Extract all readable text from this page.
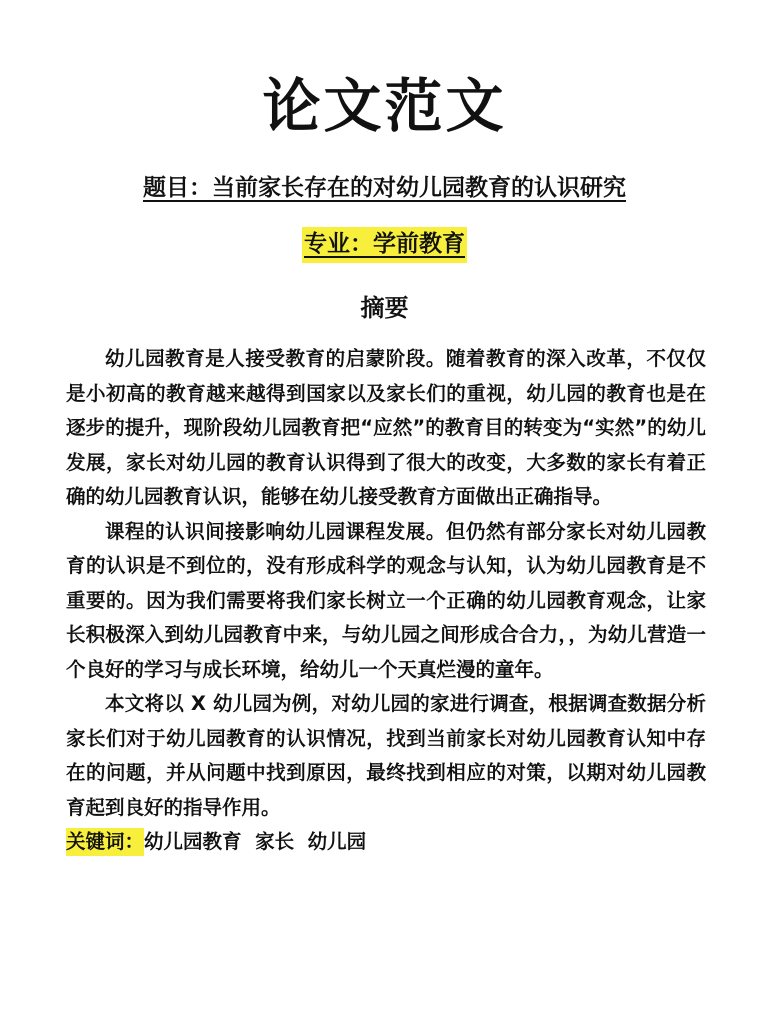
论文范文
题目：当前家长存在的对幼儿园教育的认识研究
专业：学前教育
摘要

幼儿园教育是人接受教育的启蒙阶段。随着教育的深入改革，不仅仅是小初高的教育越来越得到国家以及家长们的重视，幼儿园的教育也是在逐步的提升，现阶段幼儿园教育把“应然”的教育目的转变为“实然”的幼儿发展，家长对幼儿园的教育认识得到了很大的改变，大多数的家长有着正确的幼儿园教育认识，能够在幼儿接受教育方面做出正确指导。

课程的认识间接影响幼儿园课程发展。但仍然有部分家长对幼儿园教育的认识是不到位的，没有形成科学的观念与认知，认为幼儿园教育是不重要的。因为我们需要将我们家长树立一个正确的幼儿园教育观念，让家长积极深入到幼儿园教育中来，与幼儿园之间形成合合力，，为幼儿营造一个良好的学习与成长环境，给幼儿一个天真烂漫的童年。

本文将以 X 幼儿园为例，对幼儿园的家进行调查，根据调查数据分析家长们对于幼儿园教育的认识情况，找到当前家长对幼儿园教育认知中存在的问题，并从问题中找到原因，最终找到相应的对策，以期对幼儿园教育起到良好的指导作用。

关键词：幼儿园教育  家长  幼儿园
